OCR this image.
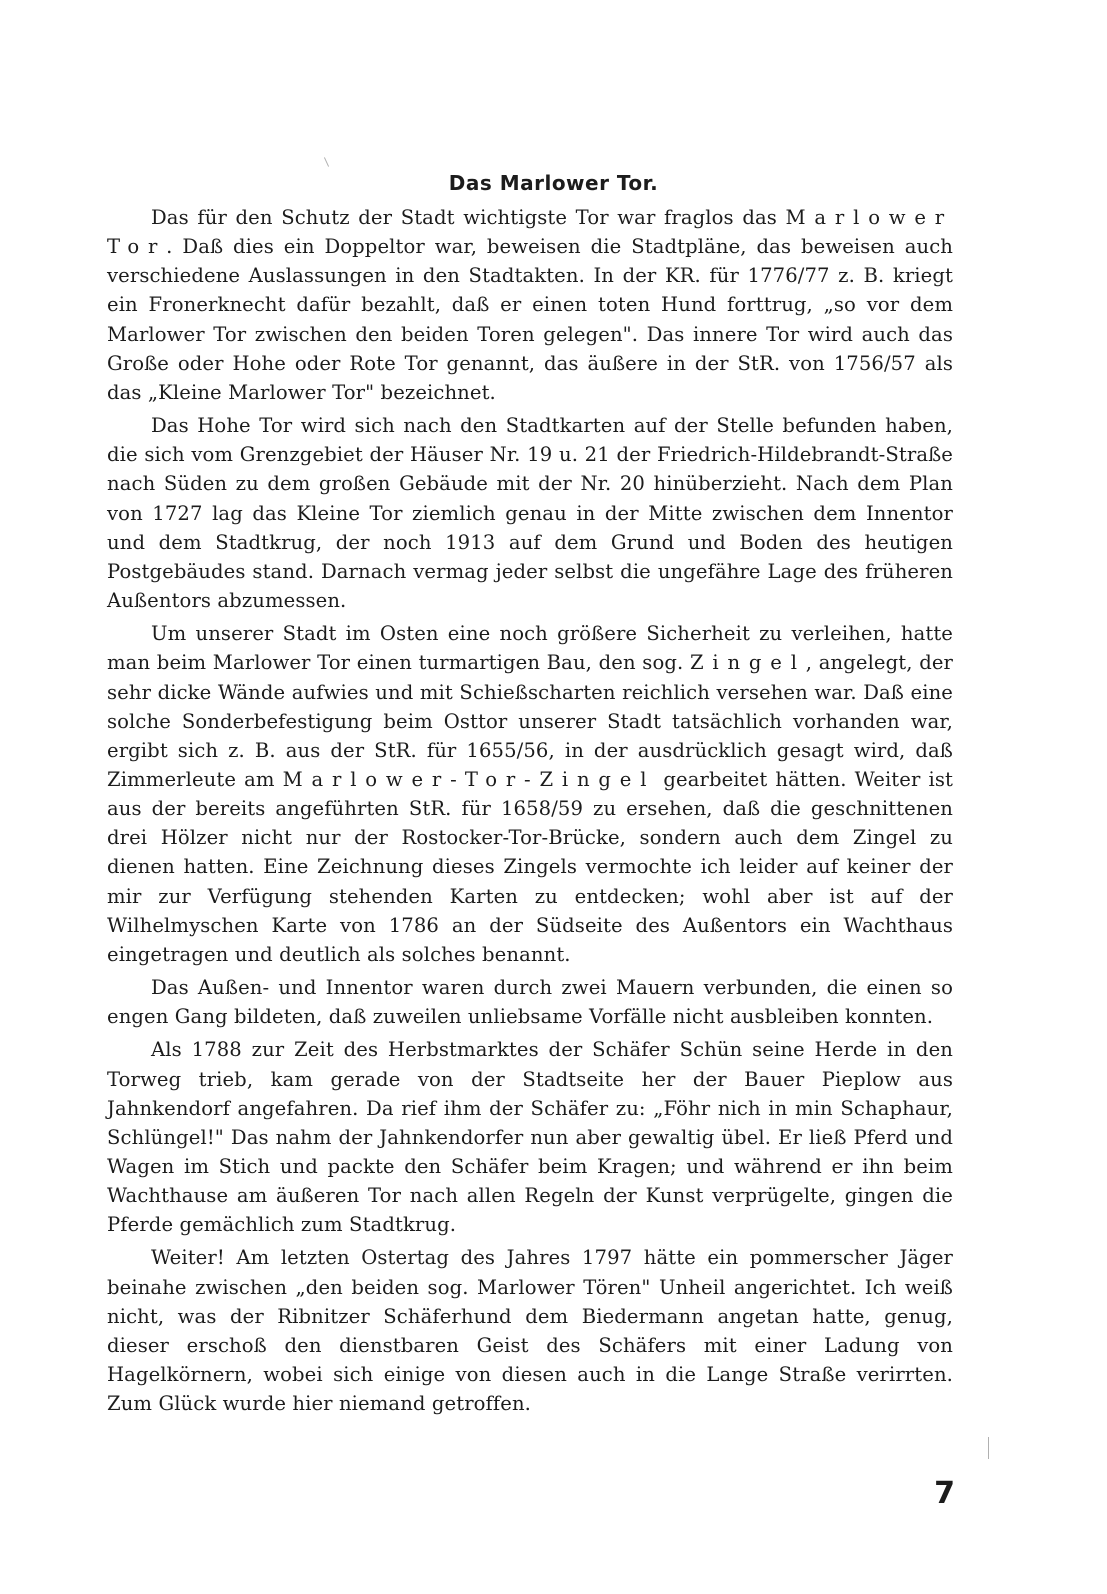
Das Marlower Tor.

Das für den Schutz der Stadt wichtigste Tor war fraglos das Marlower Tor. Daß dies ein Doppeltor war, beweisen die Stadtpläne, das beweisen auch verschiedene Auslassungen in den Stadtakten. In der KR. für 1776/77 z. B. kriegt ein Fronerknecht dafür bezahlt, daß er einen toten Hund forttrug, „so vor dem Marlower Tor zwischen den beiden Toren gelegen". Das innere Tor wird auch das Große oder Hohe oder Rote Tor genannt, das äußere in der StR. von 1756/57 als das „Kleine Marlower Tor" bezeichnet.

Das Hohe Tor wird sich nach den Stadtkarten auf der Stelle befunden haben, die sich vom Grenzgebiet der Häuser Nr. 19 u. 21 der Friedrich-Hildebrandt-Straße nach Süden zu dem großen Gebäude mit der Nr. 20 hinüberzieht. Nach dem Plan von 1727 lag das Kleine Tor ziemlich genau in der Mitte zwischen dem Innentor und dem Stadtkrug, der noch 1913 auf dem Grund und Boden des heutigen Postgebäudes stand. Darnach vermag jeder selbst die ungefähre Lage des früheren Außentors abzumessen.

Um unserer Stadt im Osten eine noch größere Sicherheit zu verleihen, hatte man beim Marlower Tor einen turmartigen Bau, den sog. Zingel, angelegt, der sehr dicke Wände aufwies und mit Schießscharten reichlich versehen war. Daß eine solche Sonderbefestigung beim Osttor unserer Stadt tatsächlich vorhanden war, ergibt sich z. B. aus der StR. für 1655/56, in der ausdrücklich gesagt wird, daß Zimmerleute am Marlower-Tor-Zingel gearbeitet hätten. Weiter ist aus der bereits angeführten StR. für 1658/59 zu ersehen, daß die geschnittenen drei Hölzer nicht nur der Rostocker-Tor-Brücke, sondern auch dem Zingel zu dienen hatten. Eine Zeichnung dieses Zingels vermochte ich leider auf keiner der mir zur Verfügung stehenden Karten zu entdecken; wohl aber ist auf der Wilhelmyschen Karte von 1786 an der Südseite des Außentors ein Wachthaus eingetragen und deutlich als solches benannt.

Das Außen- und Innentor waren durch zwei Mauern verbunden, die einen so engen Gang bildeten, daß zuweilen unliebsame Vorfälle nicht ausbleiben konnten.

Als 1788 zur Zeit des Herbstmarktes der Schäfer Schün seine Herde in den Torweg trieb, kam gerade von der Stadtseite her der Bauer Pieplow aus Jahnkendorf angefahren. Da rief ihm der Schäfer zu: „Föhr nich in min Schaphaur, Schlüngel!" Das nahm der Jahnkendorfer nun aber gewaltig übel. Er ließ Pferd und Wagen im Stich und packte den Schäfer beim Kragen; und während er ihn beim Wachthause am äußeren Tor nach allen Regeln der Kunst verprügelte, gingen die Pferde gemächlich zum Stadtkrug.

Weiter! Am letzten Ostertag des Jahres 1797 hätte ein pommerscher Jäger beinahe zwischen „den beiden sog. Marlower Tören" Unheil angerichtet. Ich weiß nicht, was der Ribnitzer Schäferhund dem Biedermann angetan hatte, genug, dieser erschoß den dienstbaren Geist des Schäfers mit einer Ladung von Hagelkörnern, wobei sich einige von diesen auch in die Lange Straße verirrten. Zum Glück wurde hier niemand getroffen.

7
